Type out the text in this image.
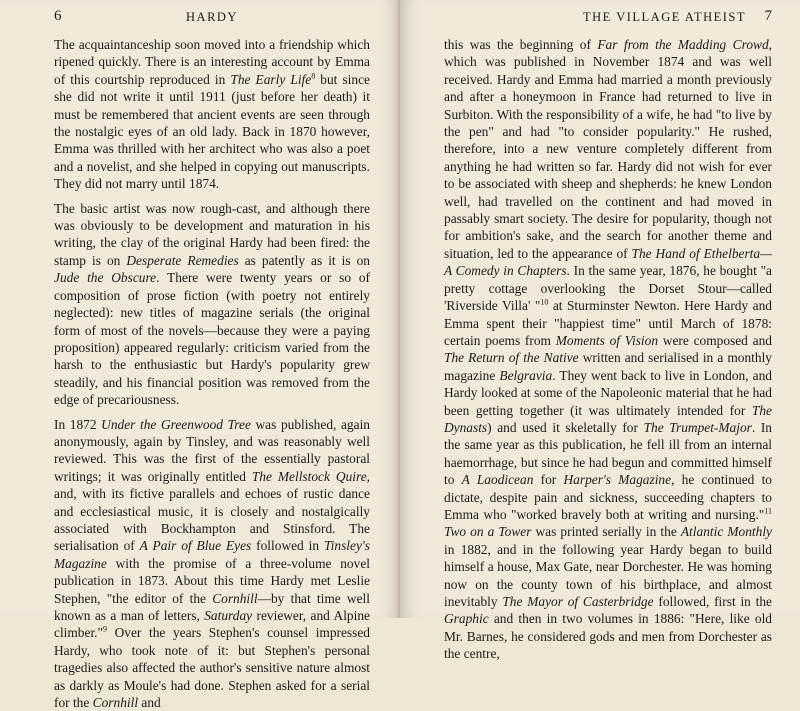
6	HARDY

The acquaintanceship soon moved into a friendship which ripened quickly. There is an interesting account by Emma of this courtship reproduced in The Early Life$^8$ but since she did not write it until 1911 (just before her death) it must be remembered that ancient events are seen through the nostalgic eyes of an old lady. Back in 1870 however, Emma was thrilled with her architect who was also a poet and a novelist, and she helped in copying out manuscripts. They did not marry until 1874.

The basic artist was now rough-cast, and although there was obviously to be development and maturation in his writing, the clay of the original Hardy had been fired: the stamp is on Desperate Remedies as patently as it is on Jude the Obscure. There were twenty years or so of composition of prose fiction (with poetry not entirely neglected): new titles of magazine serials (the original form of most of the novels—because they were a paying proposition) appeared regularly: criticism varied from the harsh to the enthusiastic but Hardy's popularity grew steadily, and his financial position was removed from the edge of precariousness.

In 1872 Under the Greenwood Tree was published, again anonymously, again by Tinsley, and was reasonably well reviewed. This was the first of the essentially pastoral writings; it was originally entitled The Mellstock Quire, and, with its fictive parallels and echoes of rustic dance and ecclesiastical music, it is closely and nostalgically associated with Bockhampton and Stinsford. The serialisation of A Pair of Blue Eyes followed in Tinsley's Magazine with the promise of a three-volume novel publication in 1873. About this time Hardy met Leslie Stephen, "the editor of the Cornhill—by that time well known as a man of letters, Saturday reviewer, and Alpine climber."$^9$ Over the years Stephen's counsel impressed Hardy, who took note of it: but Stephen's personal tragedies also affected the author's sensitive nature almost as darkly as Moule's had done. Stephen asked for a serial for the Cornhill and

THE VILLAGE ATHEIST 7

this was the beginning of Far from the Madding Crowd, which was published in November 1874 and was well received. Hardy and Emma had married a month previously and after a honeymoon in France had returned to live in Surbiton. With the responsibility of a wife, he had "to live by the pen" and had "to consider popularity." He rushed, therefore, into a new venture completely different from anything he had written so far. Hardy did not wish for ever to be associated with sheep and shepherds: he knew London well, had travelled on the continent and had moved in passably smart society. The desire for popularity, though not for ambition's sake, and the search for another theme and situation, led to the appearance of The Hand of Ethelberta—A Comedy in Chapters. In the same year, 1876, he bought "a pretty cottage overlooking the Dorset Stour—called 'Riverside Villa' "$^{10}$ at Sturminster Newton. Here Hardy and Emma spent their "happiest time" until March of 1878: certain poems from Moments of Vision were composed and The Return of the Native written and serialised in a monthly magazine Belgravia. They went back to live in London, and Hardy looked at some of the Napoleonic material that he had been getting together (it was ultimately intended for The Dynasts) and used it skeletally for The Trumpet-Major. In the same year as this publication, he fell ill from an internal haemorrhage, but since he had begun and committed himself to A Laodicean for Harper's Magazine, he continued to dictate, despite pain and sickness, succeeding chapters to Emma who "worked bravely both at writing and nursing."$^{11}$ Two on a Tower was printed serially in the Atlantic Monthly in 1882, and in the following year Hardy began to build himself a house, Max Gate, near Dorchester. He was homing now on the county town of his birthplace, and almost inevitably The Mayor of Casterbridge followed, first in the Graphic and then in two volumes in 1886: "Here, like old Mr. Barnes, he considered gods and men from Dorchester as the centre,
